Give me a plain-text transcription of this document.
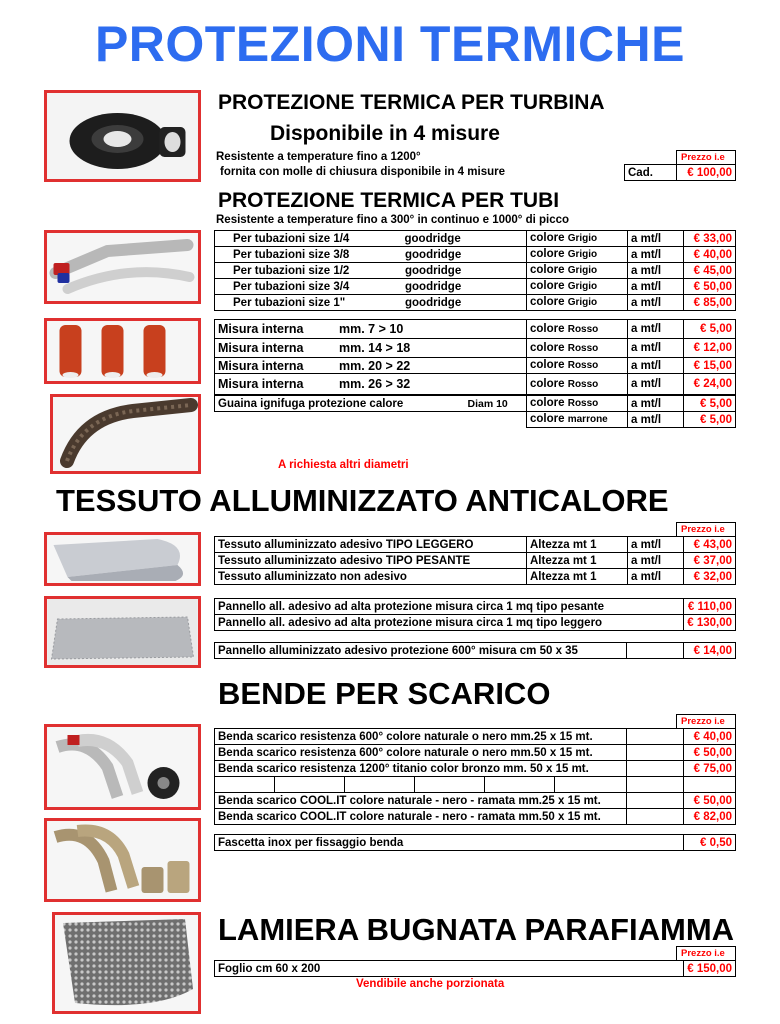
PROTEZIONI TERMICHE
PROTEZIONE TERMICA PER TURBINA
Disponibile in 4 misure
Resistente a temperature fino a 1200°
fornita con molle di chiusura disponibile in 4 misure
Prezzo i.e
Cad.	€ 100,00
PROTEZIONE TERMICA PER TUBI
Resistente a temperature fino a 300° in continuo e 1000° di picco
Per tubazioni size 1/4 goodridge	colore Grigio	a mt/l	€ 33,00
Per tubazioni size 3/8 goodridge	colore Grigio	a mt/l	€ 40,00
Per tubazioni size 1/2 goodridge	colore Grigio	a mt/l	€ 45,00
Per tubazioni size 3/4 goodridge	colore Grigio	a mt/l	€ 50,00
Per tubazioni size 1" goodridge	colore Grigio	a mt/l	€ 85,00
Misura interna mm. 7 > 10	colore Rosso	a mt/l	€ 5,00
Misura interna mm. 14 > 18	colore Rosso	a mt/l	€ 12,00
Misura interna mm. 20 > 22	colore Rosso	a mt/l	€ 15,00
Misura interna mm. 26 > 32	colore Rosso	a mt/l	€ 24,00
Guaina ignifuga protezione calore	Diam 10	colore Rosso	a mt/l	€ 5,00
		colore marrone	a mt/l	€ 5,00
A richiesta altri diametri
TESSUTO ALLUMINIZZATO ANTICALORE
Prezzo i.e
Tessuto alluminizzato adesivo TIPO LEGGERO	Altezza mt 1	a mt/l	€ 43,00
Tessuto alluminizzato adesivo TIPO PESANTE	Altezza mt 1	a mt/l	€ 37,00
Tessuto alluminizzato non adesivo	Altezza mt 1	a mt/l	€ 32,00
Pannello all. adesivo ad alta protezione misura circa 1 mq tipo pesante	€ 110,00
Pannello all. adesivo ad alta protezione misura circa 1 mq tipo leggero	€ 130,00
Pannello alluminizzato adesivo protezione 600° misura cm 50 x 35		€ 14,00
BENDE PER SCARICO
Prezzo i.e
Benda scarico resistenza 600° colore naturale o nero mm.25 x 15 mt.							€ 40,00
Benda scarico resistenza 600° colore naturale o nero mm.50 x 15 mt.							€ 50,00
Benda scarico resistenza 1200° titanio color bronzo mm. 50 x 15 mt.							€ 75,00

Benda scarico COOL.IT colore naturale - nero - ramata mm.25 x 15 mt.							€ 50,00
Benda scarico COOL.IT colore naturale - nero - ramata mm.50 x 15 mt.							€ 82,00
Fascetta inox per fissaggio benda	€ 0,50
LAMIERA BUGNATA PARAFIAMMA
Prezzo i.e
Foglio cm 60 x 200	€ 150,00
Vendibile anche porzionata
